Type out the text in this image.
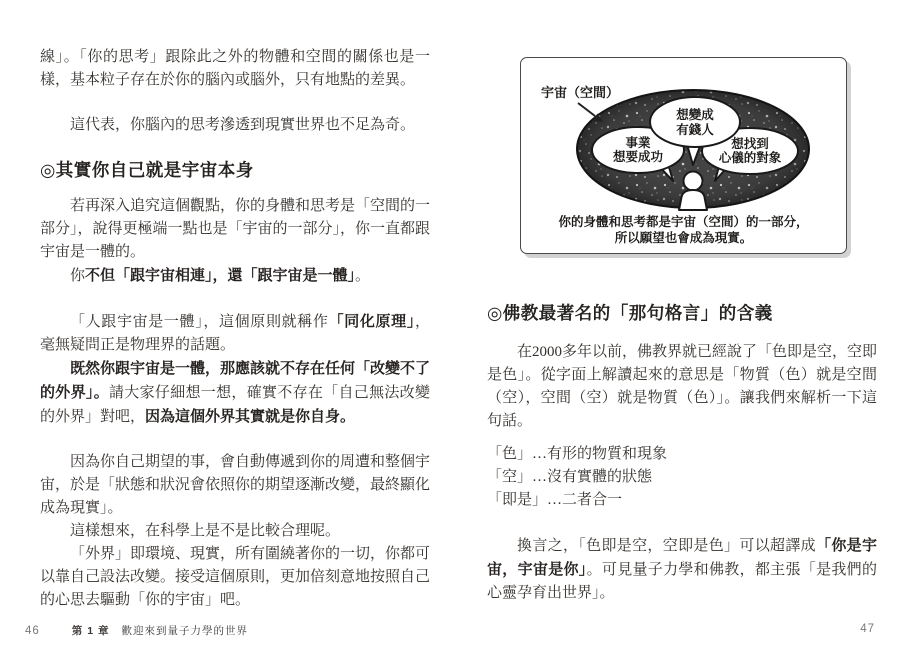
線」。「你的思考」跟除此之外的物體和空間的關係也是一樣，基本粒子存在於你的腦內或腦外，只有地點的差異。

這代表，你腦內的思考滲透到現實世界也不足為奇。

◎其實你自己就是宇宙本身

若再深入追究這個觀點，你的身體和思考是「空間的一部分」，說得更極端一點也是「宇宙的一部分」，你一直都跟宇宙是一體的。

你不但「跟宇宙相連」，還「跟宇宙是一體」。

「人跟宇宙是一體」，這個原則就稱作「同化原理」，毫無疑問正是物理界的話題。

既然你跟宇宙是一體，那應該就不存在任何「改變不了的外界」。請大家仔細想一想，確實不存在「自己無法改變的外界」對吧，因為這個外界其實就是你自身。

因為你自己期望的事，會自動傳遞到你的周遭和整個宇宙，於是「狀態和狀況會依照你的期望逐漸改變，最終顯化成為現實」。

這樣想來，在科學上是不是比較合理呢。

「外界」即環境、現實，所有圍繞著你的一切，你都可以靠自己設法改變。接受這個原則，更加倍刻意地按照自己的心思去驅動「你的宇宙」吧。

宇宙（空間）
想變成
有錢人
事業
想要成功
想找到
心儀的對象
你的身體和思考都是宇宙（空間）的一部分，
所以願望也會成為現實。
◎佛教最著名的「那句格言」的含義

在2000多年以前，佛教界就已經說了「色即是空，空即是色」。從字面上解讀起來的意思是「物質（色）就是空間（空），空間（空）就是物質（色）」。讓我們來解析一下這句話。

「色」…有形的物質和現象

「空」…沒有實體的狀態

「即是」…二者合一

換言之，「色即是空，空即是色」可以超譯成「你是宇宙，宇宙是你」。可見量子力學和佛教，都主張「是我們的心靈孕育出世界」。

46	第 1 章 歡迎來到量子力學的世界	47
